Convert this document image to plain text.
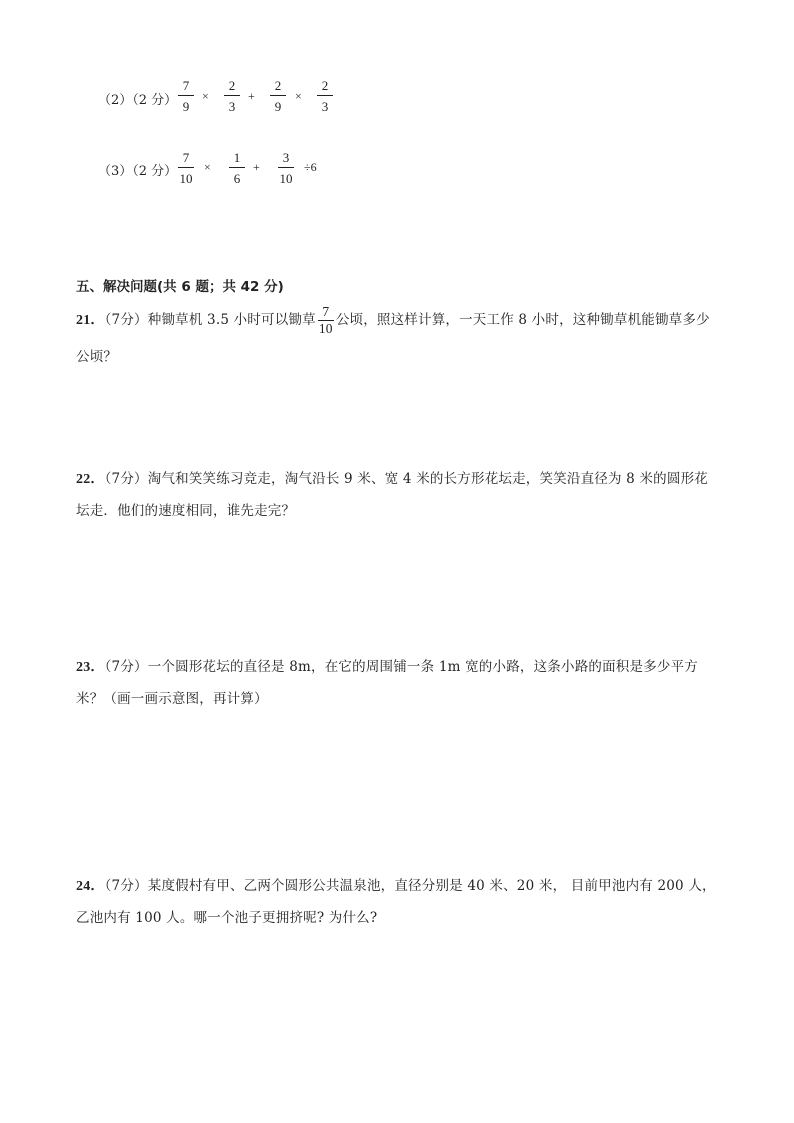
（2）（2 分）
7
9
×
2
3
+
2
9
×
2
3
（3）（2 分）
7
10
×
1
6
+
3
10
÷6
五、解决问题(共 6 题；共 42 分)
21．（7分）种锄草机 3.5 小时可以锄草 $\frac{7}{10}$ 公顷，照这样计算，一天工作 8 小时，这种锄草机能锄草多少
公顷？
22．（7分）淘气和笑笑练习竞走，淘气沿长 9 米、宽 4 米的长方形花坛走，笑笑沿直径为 8 米的圆形花
坛走．他们的速度相同，谁先走完？
23．（7分）一个圆形花坛的直径是 8m，在它的周围铺一条 1m 宽的小路，这条小路的面积是多少平方
米？（画一画示意图，再计算）
24．（7分）某度假村有甲、乙两个圆形公共温泉池，直径分别是 40 米、20 米， 目前甲池内有 200 人，
乙池内有 100 人。哪一个池子更拥挤呢? 为什么?
